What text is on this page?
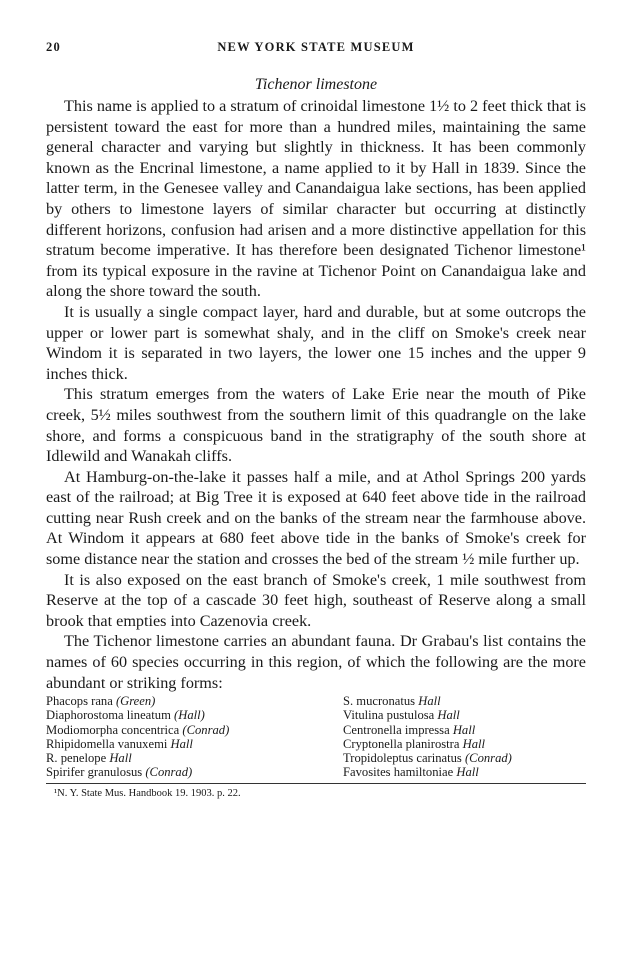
20	NEW YORK STATE MUSEUM
Tichenor limestone

This name is applied to a stratum of crinoidal limestone 1½ to 2 feet thick that is persistent toward the east for more than a hundred miles, maintaining the same general character and varying but slightly in thickness. It has been commonly known as the Encrinal limestone, a name applied to it by Hall in 1839. Since the latter term, in the Genesee valley and Canandaigua lake sections, has been applied by others to limestone layers of similar character but occurring at distinctly different horizons, confusion had arisen and a more distinctive appellation for this stratum become imperative. It has therefore been designated Tichenor limestone¹ from its typical exposure in the ravine at Tichenor Point on Canandaigua lake and along the shore toward the south.

It is usually a single compact layer, hard and durable, but at some outcrops the upper or lower part is somewhat shaly, and in the cliff on Smoke's creek near Windom it is separated in two layers, the lower one 15 inches and the upper 9 inches thick.

This stratum emerges from the waters of Lake Erie near the mouth of Pike creek, 5½ miles southwest from the southern limit of this quadrangle on the lake shore, and forms a conspicuous band in the stratigraphy of the south shore at Idlewild and Wanakah cliffs.

At Hamburg-on-the-lake it passes half a mile, and at Athol Springs 200 yards east of the railroad; at Big Tree it is exposed at 640 feet above tide in the railroad cutting near Rush creek and on the banks of the stream near the farmhouse above. At Windom it appears at 680 feet above tide in the banks of Smoke's creek for some distance near the station and crosses the bed of the stream ½ mile further up.

It is also exposed on the east branch of Smoke's creek, 1 mile southwest from Reserve at the top of a cascade 30 feet high, southeast of Reserve along a small brook that empties into Cazenovia creek.

The Tichenor limestone carries an abundant fauna. Dr Grabau's list contains the names of 60 species occurring in this region, of which the following are the more abundant or striking forms:

Phacops rana (Green)
Diaphorostoma lineatum (Hall)
Modiomorpha concentrica (Conrad)
Rhipidomella vanuxemi Hall
R. penelope Hall
Spirifer granulosus (Conrad)
S. mucronatus Hall
Vitulina pustulosa Hall
Centronella impressa Hall
Cryptonella planirostra Hall
Tropidoleptus carinatus (Conrad)
Favosites hamiltoniae Hall
¹N. Y. State Mus. Handbook 19. 1903. p. 22.
